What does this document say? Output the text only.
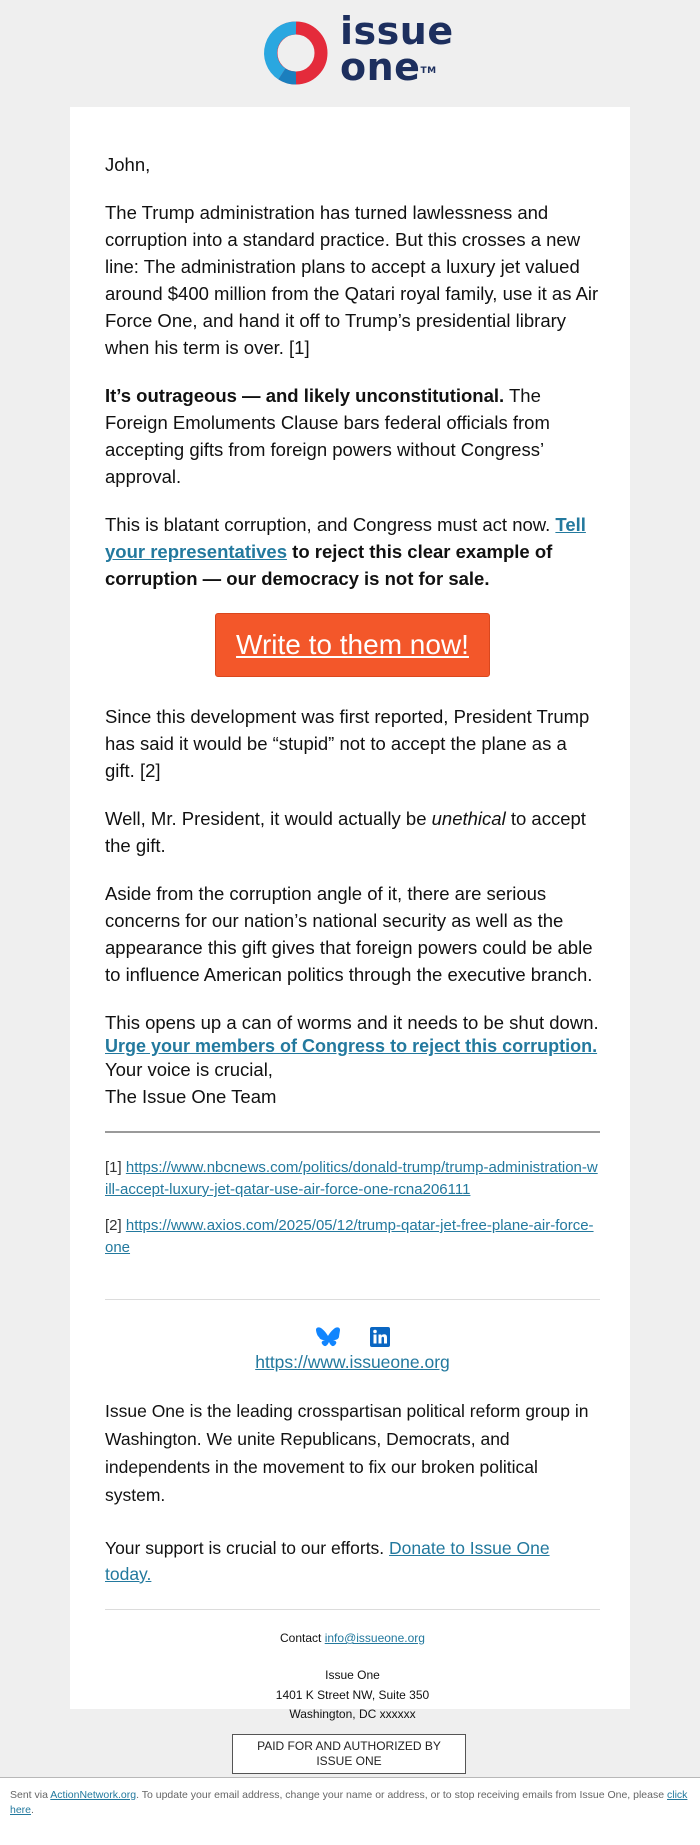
issue
one™

John,

The Trump administration has turned lawlessness and corruption into a standard practice. But this crosses a new line: The administration plans to accept a luxury jet valued around $400 million from the Qatari royal family, use it as Air Force One, and hand it off to Trump’s presidential library when his term is over. [1]

It’s outrageous — and likely unconstitutional. The Foreign Emoluments Clause bars federal officials from accepting gifts from foreign powers without Congress’ approval.

This is blatant corruption, and Congress must act now. Tell your representatives to reject this clear example of corruption — our democracy is not for sale.

Write to them now!

Since this development was first reported, President Trump has said it would be “stupid” not to accept the plane as a gift. [2]

Well, Mr. President, it would actually be unethical to accept the gift.

Aside from the corruption angle of it, there are serious concerns for our nation’s national security as well as the appearance this gift gives that foreign powers could be able to influence American politics through the executive branch.

This opens up a can of worms and it needs to be shut down.
Urge your members of Congress to reject this corruption.

Your voice is crucial,
The Issue One Team

[1] https://www.nbcnews.com/politics/donald-trump/trump-administration-will-accept-luxury-jet-qatar-use-air-force-one-rcna206111

[2] https://www.axios.com/2025/05/12/trump-qatar-jet-free-plane-air-force-one

https://www.issueone.org

Issue One is the leading crosspartisan political reform group in Washington. We unite Republicans, Democrats, and independents in the movement to fix our broken political system.

Your support is crucial to our efforts. Donate to Issue One today.

Contact info@issueone.org
Issue One
1401 K Street NW, Suite 350
Washington, DC xxxxxx
PAID FOR AND AUTHORIZED BY
ISSUE ONE
Sent via ActionNetwork.org. To update your email address, change your name or address, or to stop receiving emails from Issue One, please click here.
